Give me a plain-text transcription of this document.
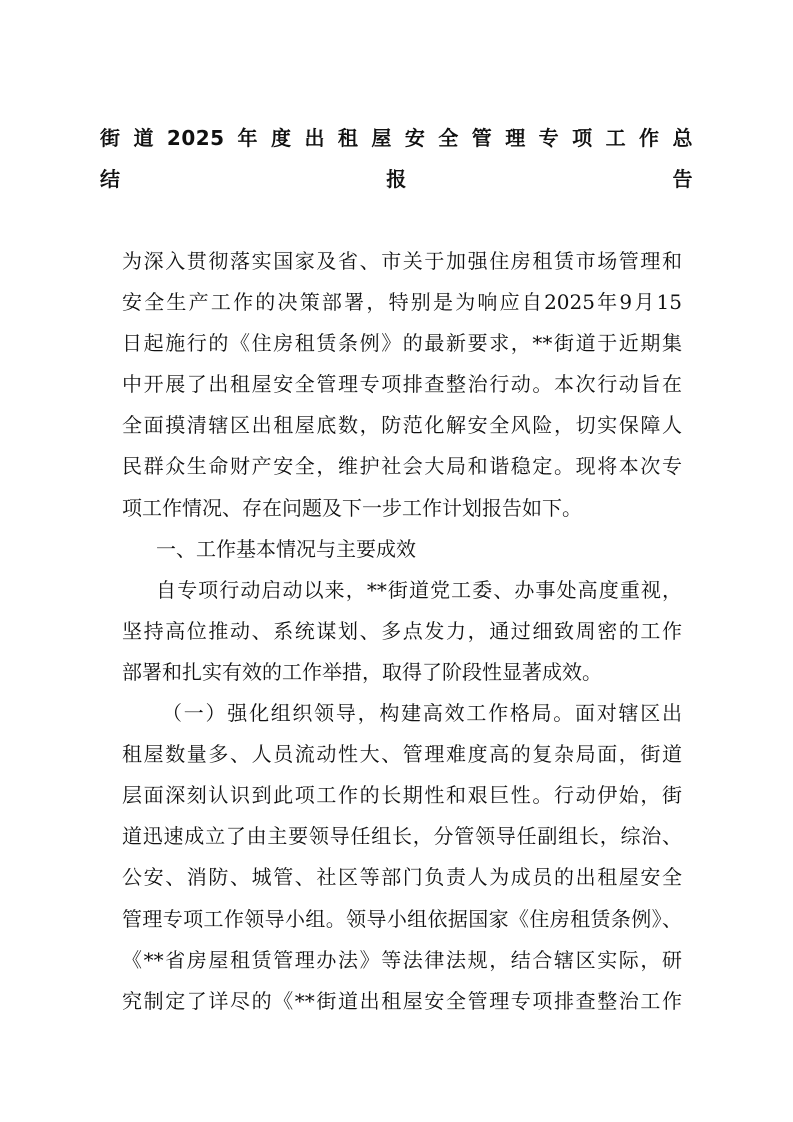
街道2025年度出租屋安全管理专项工作总
结报告
为深入贯彻落实国家及省、市关于加强住房租赁市场管理和
安全生产工作的决策部署，特别是为响应自2025年9月15
日起施行的《住房租赁条例》的最新要求，**街道于近期集
中开展了出租屋安全管理专项排查整治行动。本次行动旨在
全面摸清辖区出租屋底数，防范化解安全风险，切实保障人
民群众生命财产安全，维护社会大局和谐稳定。现将本次专
项工作情况、存在问题及下一步工作计划报告如下。
一、工作基本情况与主要成效
自专项行动启动以来，**街道党工委、办事处高度重视，
坚持高位推动、系统谋划、多点发力，通过细致周密的工作
部署和扎实有效的工作举措，取得了阶段性显著成效。
（一）强化组织领导，构建高效工作格局。面对辖区出
租屋数量多、人员流动性大、管理难度高的复杂局面，街道
层面深刻认识到此项工作的长期性和艰巨性。行动伊始，街
道迅速成立了由主要领导任组长，分管领导任副组长，综治、
公安、消防、城管、社区等部门负责人为成员的出租屋安全
管理专项工作领导小组。领导小组依据国家《住房租赁条例》、
《**省房屋租赁管理办法》等法律法规，结合辖区实际，研
究制定了详尽的《**街道出租屋安全管理专项排查整治工作
